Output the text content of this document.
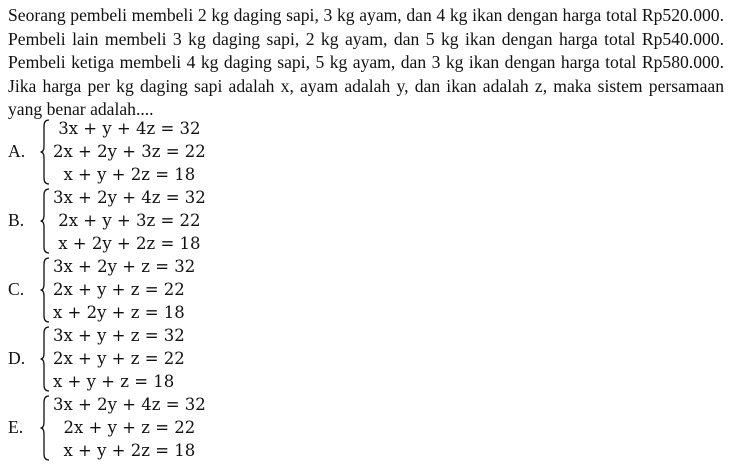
Seorang pembeli membeli 2 kg daging sapi, 3 kg ayam, dan 4 kg ikan dengan harga total Rp520.000. Pembeli lain membeli 3 kg daging sapi, 2 kg ayam, dan 5 kg ikan dengan harga total Rp540.000. Pembeli ketiga membeli 4 kg daging sapi, 5 kg ayam, dan 3 kg ikan dengan harga total Rp580.000. Jika harga per kg daging sapi adalah x, ayam adalah y, dan ikan adalah z, maka sistem persamaan yang benar adalah....

A.
3x + y + 4z = 32
2x + 2y + 3z = 22
x + y + 2z = 18
B.
3x + 2y + 4z = 32
2x + y + 3z = 22
x + 2y + 2z = 18
C.
3x + 2y + z = 32
2x + y + z = 22
x + 2y + z = 18
D.
3x + y + z = 32
2x + y + z = 22
x + y + z = 18
E.
3x + 2y + 4z = 32
2x + y + z = 22
x + y + 2z = 18
